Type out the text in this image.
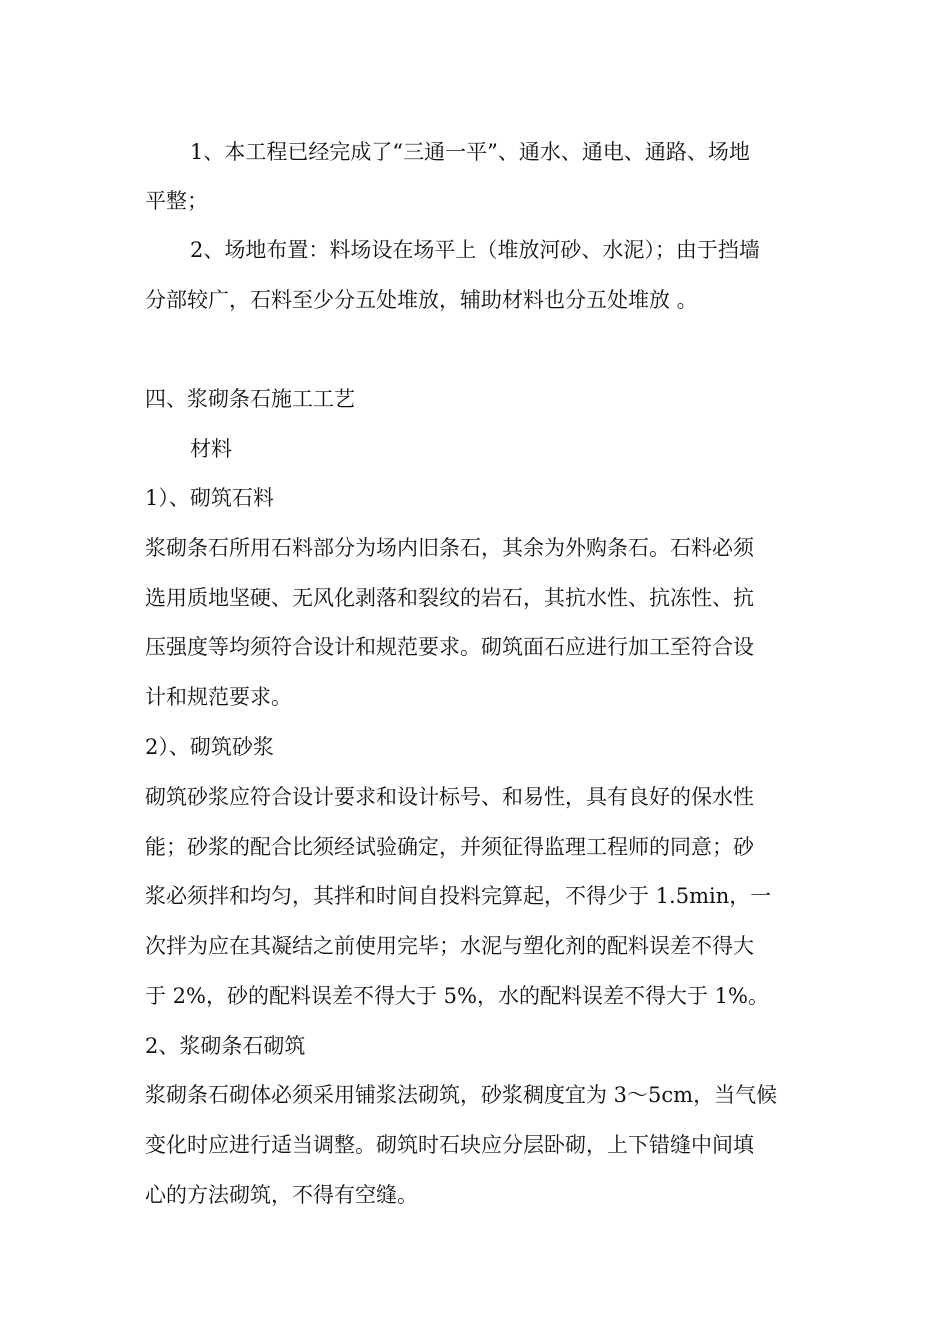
1、本工程已经完成了“三通一平”、通水、通电、通路、场地
平整；
2、场地布置：料场设在场平上（堆放河砂、水泥）；由于挡墙
分部较广，石料至少分五处堆放，辅助材料也分五处堆放 。
四、浆砌条石施工工艺
材料
1）、砌筑石料
浆砌条石所用石料部分为场内旧条石，其余为外购条石。石料必须
选用质地坚硬、无风化剥落和裂纹的岩石，其抗水性、抗冻性、抗
压强度等均须符合设计和规范要求。砌筑面石应进行加工至符合设
计和规范要求。
2）、砌筑砂浆
砌筑砂浆应符合设计要求和设计标号、和易性，具有良好的保水性
能；砂浆的配合比须经试验确定，并须征得监理工程师的同意；砂
浆必须拌和均匀，其拌和时间自投料完算起，不得少于 1.5min，一
次拌为应在其凝结之前使用完毕；水泥与塑化剂的配料误差不得大
于 2%，砂的配料误差不得大于 5%，水的配料误差不得大于 1%。
2、浆砌条石砌筑
浆砌条石砌体必须采用铺浆法砌筑，砂浆稠度宜为 3～5cm，当气候
变化时应进行适当调整。砌筑时石块应分层卧砌，上下错缝中间填
心的方法砌筑，不得有空缝。
